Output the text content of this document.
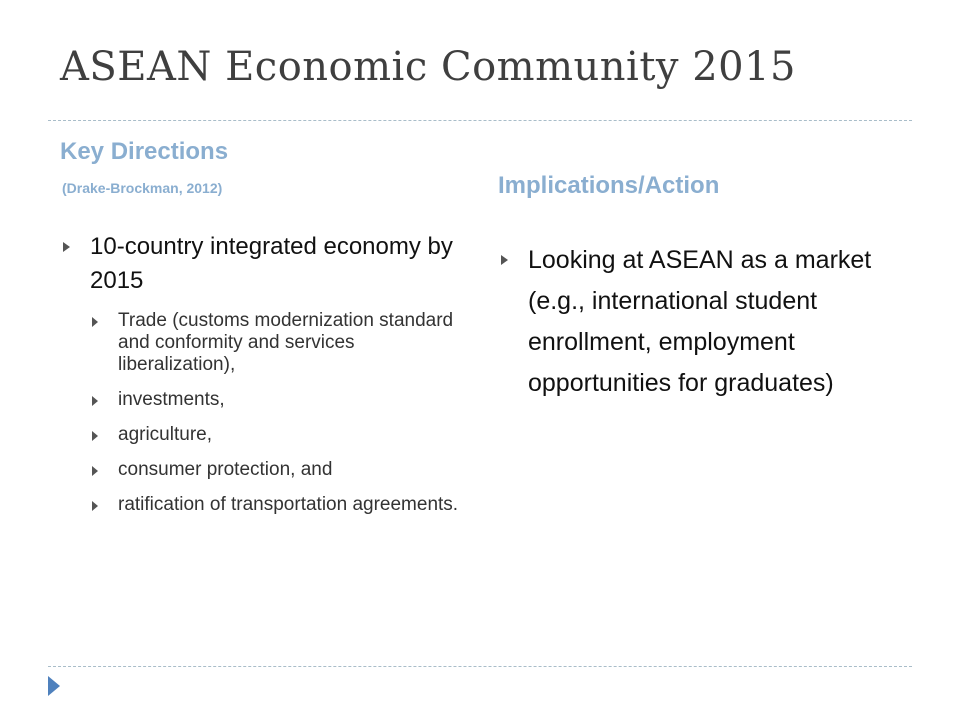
ASEAN Economic Community 2015
Key Directions
(Drake-Brockman, 2012)	Implications/Action
10-country integrated economy by 2015
Trade (customs modernization standard and conformity and services liberalization),
investments,
agriculture,
consumer protection, and
ratification of transportation agreements.
Looking at ASEAN as a market (e.g., international student enrollment, employment opportunities for graduates)
